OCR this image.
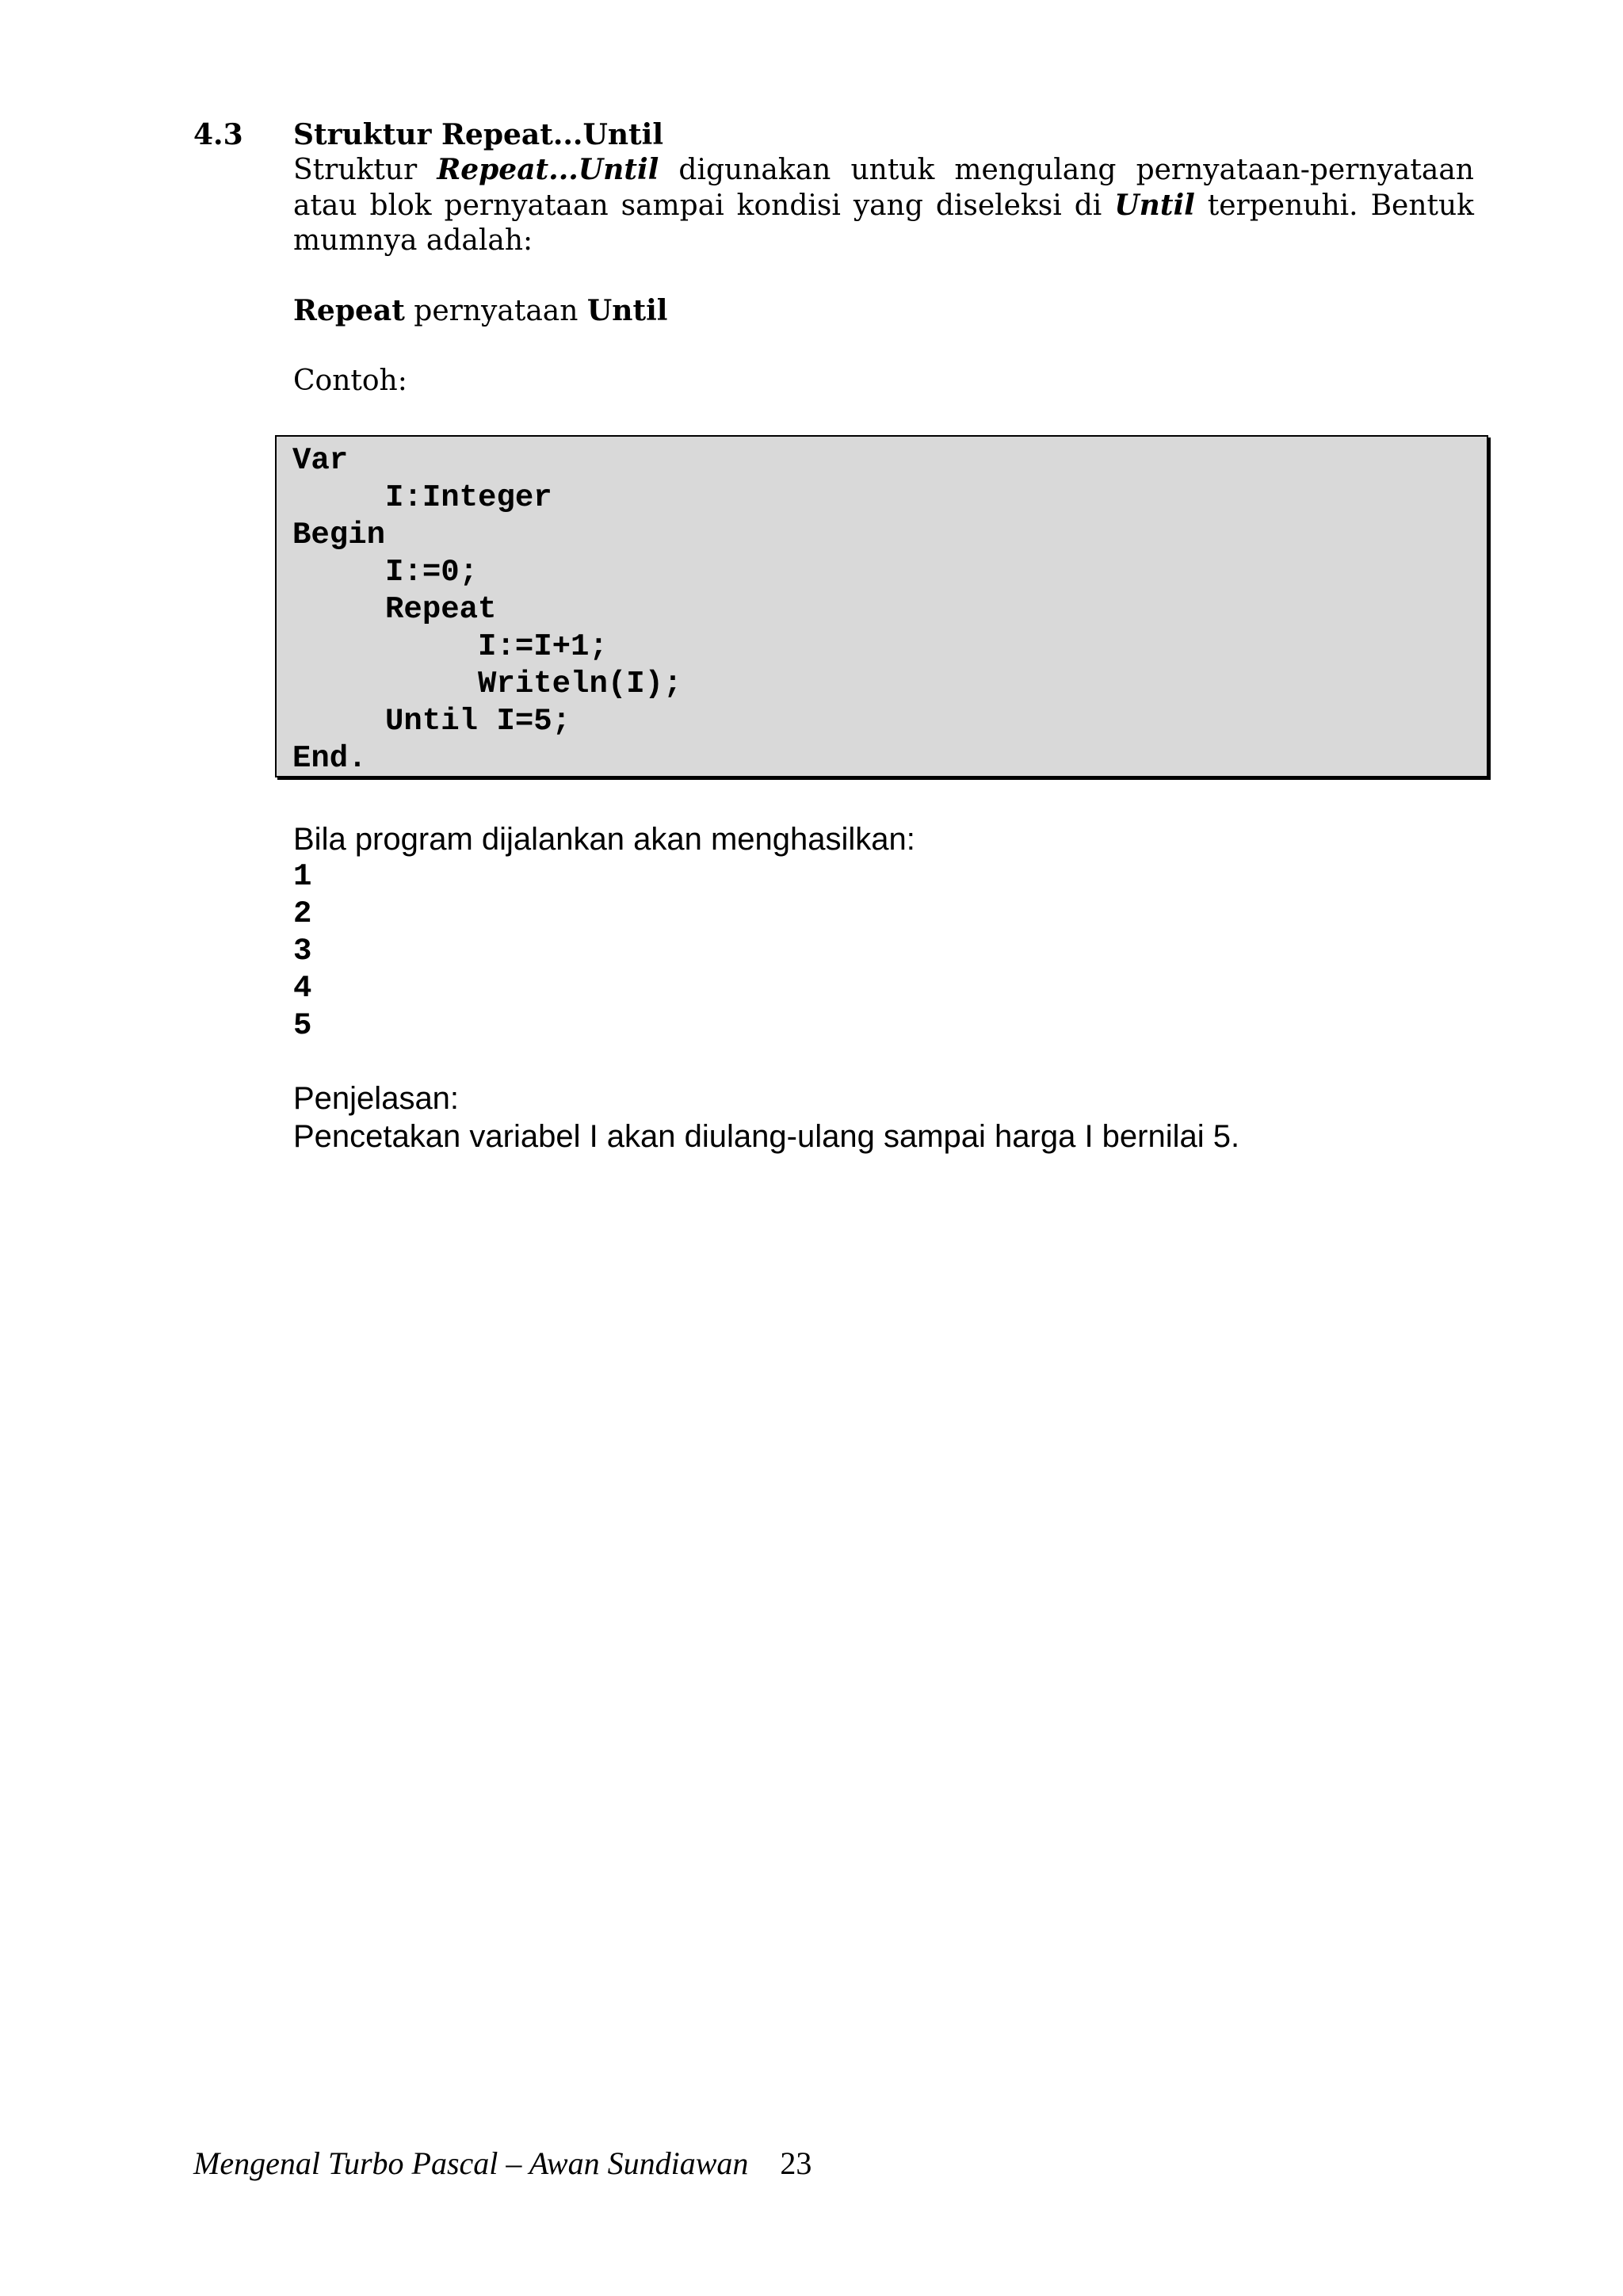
4.3 Struktur Repeat...Until

Struktur Repeat...Until digunakan untuk mengulang pernyataan-pernyataan atau blok pernyataan sampai kondisi yang diseleksi di Until terpenuhi. Bentuk mumnya adalah:

Repeat pernyataan Until

Contoh:

Var
I:Integer
Begin
I:=0;
Repeat
I:=I+1;
Writeln(I);
Until I=5;
End.

Bila program dijalankan akan menghasilkan:

1

2

3

4

5

Penjelasan:

Pencetakan variabel I akan diulang-ulang sampai harga I bernilai 5.

Mengenal Turbo Pascal – Awan Sundiawan 23
